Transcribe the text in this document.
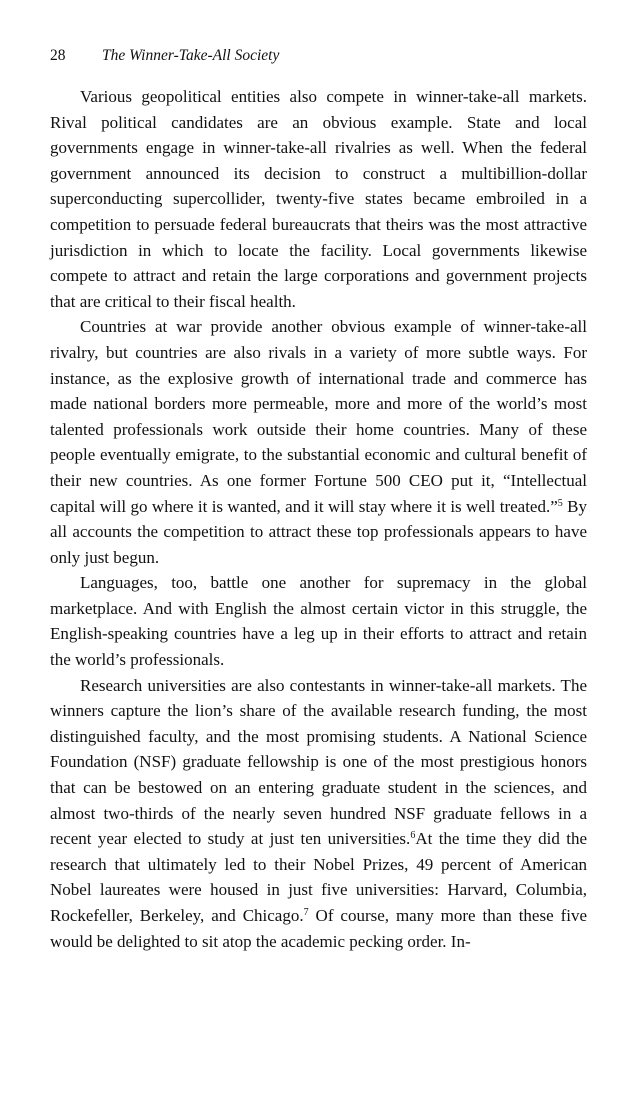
28 The Winner-Take-All Society

Various geopolitical entities also compete in winner-take-all markets. Rival political candidates are an obvious example. State and local governments engage in winner-take-all rivalries as well. When the federal government announced its decision to construct a multibillion-dollar superconducting supercollider, twenty-five states became embroiled in a competition to persuade federal bureaucrats that theirs was the most attractive jurisdiction in which to locate the facility. Local governments likewise compete to attract and retain the large corporations and government projects that are critical to their fiscal health.

Countries at war provide another obvious example of winner-take-all rivalry, but countries are also rivals in a variety of more subtle ways. For instance, as the explosive growth of international trade and commerce has made national borders more permeable, more and more of the world’s most talented professionals work outside their home countries. Many of these people eventually emigrate, to the substantial economic and cultural benefit of their new countries. As one former Fortune 500 CEO put it, “Intellectual capital will go where it is wanted, and it will stay where it is well treated.”$^5$ By all accounts the competition to attract these top professionals appears to have only just begun.

Languages, too, battle one another for supremacy in the global marketplace. And with English the almost certain victor in this struggle, the English-speaking countries have a leg up in their efforts to attract and retain the world’s professionals.

Research universities are also contestants in winner-take-all markets. The winners capture the lion’s share of the available research funding, the most distinguished faculty, and the most promising students. A National Science Foundation (NSF) graduate fellowship is one of the most prestigious honors that can be bestowed on an entering graduate student in the sciences, and almost two-thirds of the nearly seven hundred NSF graduate fellows in a recent year elected to study at just ten universities.$^6$At the time they did the research that ultimately led to their Nobel Prizes, 49 percent of American Nobel laureates were housed in just five universities: Harvard, Columbia, Rockefeller, Berkeley, and Chicago.$^7$ Of course, many more than these five would be delighted to sit atop the academic pecking order. In-
